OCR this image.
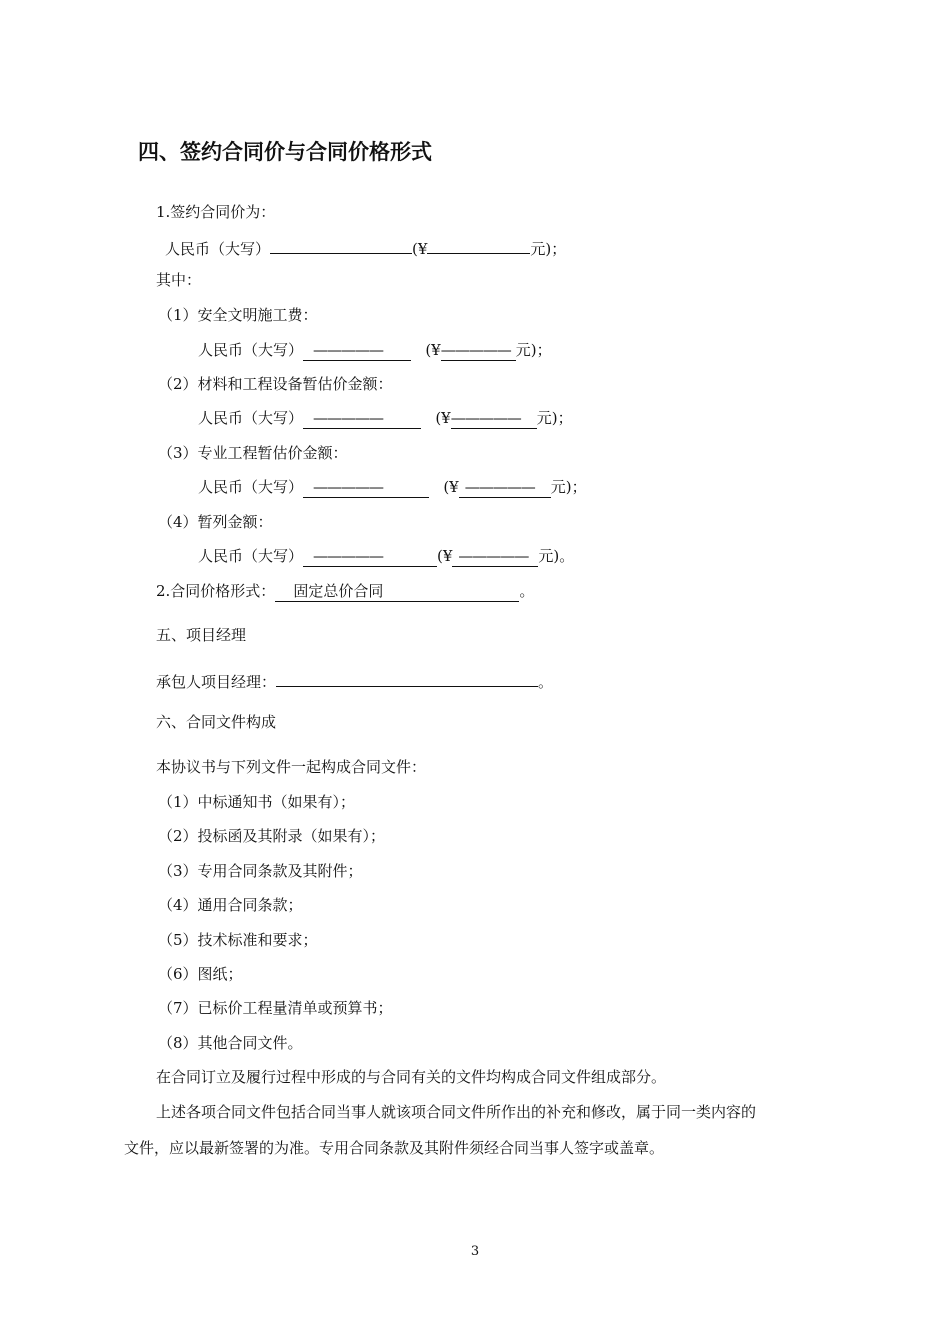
四、签约合同价与合同价格形式
1.签约合同价为：
人民币（大写）	(¥	元)；
其中：
（1）安全文明施工费：
人民币（大写） —————	(¥————— 元)；
（2）材料和工程设备暂估价金额：
人民币（大写） —————	(¥————— 元)；
（3）专业工程暂估价金额：
人民币（大写） —————	(¥ ————— 元)；
（4）暂列金额：
人民币（大写） —————	(¥ ————— 元)。
2.合同价格形式： 固定总价合同	。
五、项目经理
承包人项目经理：	。
六、合同文件构成
本协议书与下列文件一起构成合同文件：
（1）中标通知书（如果有）；
（2）投标函及其附录（如果有）；
（3）专用合同条款及其附件；
（4）通用合同条款；
（5）技术标准和要求；
（6）图纸；
（7）已标价工程量清单或预算书；
（8）其他合同文件。
在合同订立及履行过程中形成的与合同有关的文件均构成合同文件组成部分。
上述各项合同文件包括合同当事人就该项合同文件所作出的补充和修改，属于同一类内容的
文件，应以最新签署的为准。专用合同条款及其附件须经合同当事人签字或盖章。
3
